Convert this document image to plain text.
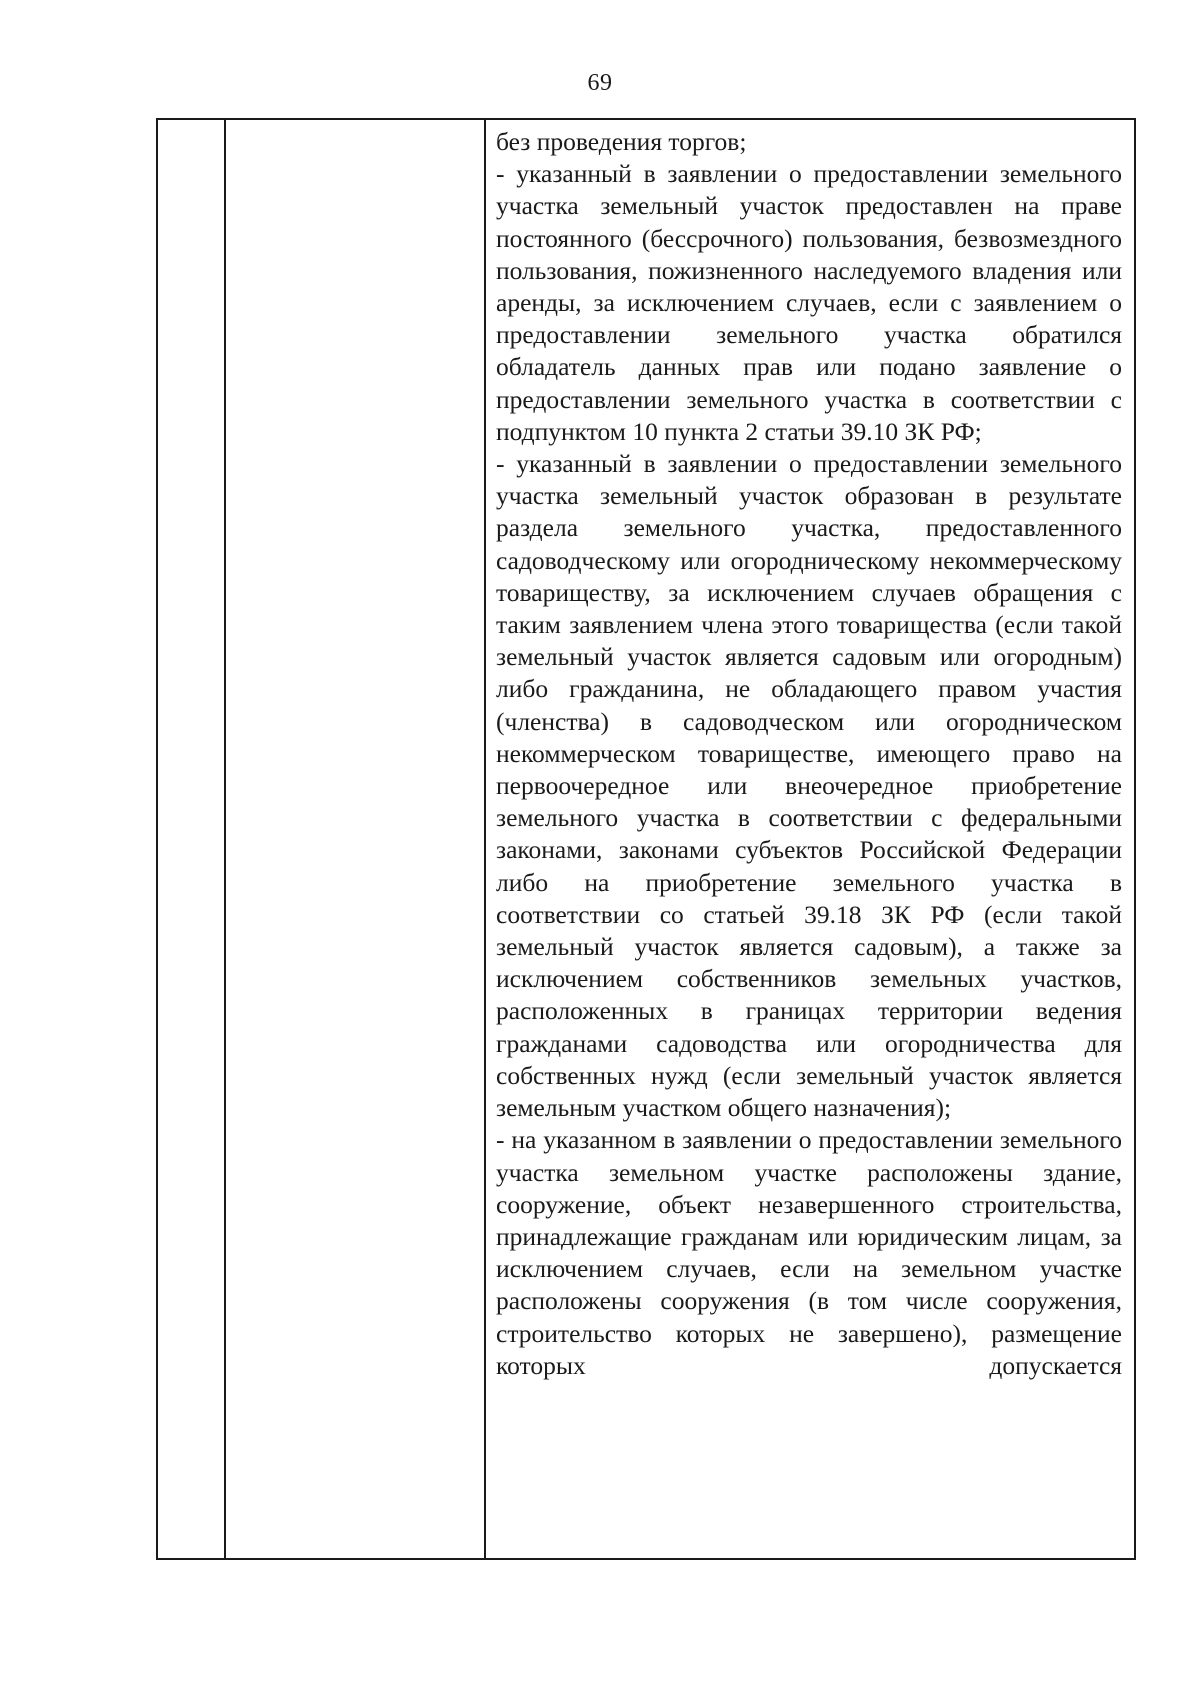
69

без проведения торгов;

- указанный в заявлении о предоставлении земельного участка земельный участок предоставлен на праве постоянного (бессрочного) пользования, безвозмездного пользования, пожизненного наследуемого владения или аренды, за исключением случаев, если с заявлением о предоставлении земельного участка обратился обладатель данных прав или подано заявление о предоставлении земельного участка в соответствии с подпунктом 10 пункта 2 статьи 39.10 ЗК РФ;

- указанный в заявлении о предоставлении земельного участка земельный участок образован в результате раздела земельного участка, предоставленного садоводческому или огородническому некоммерческому товариществу, за исключением случаев обращения с таким заявлением члена этого товарищества (если такой земельный участок является садовым или огородным) либо гражданина, не обладающего правом участия (членства) в садоводческом или огородническом некоммерческом товариществе, имеющего право на первоочередное или внеочередное приобретение земельного участка в соответствии с федеральными законами, законами субъектов Российской Федерации либо на приобретение земельного участка в соответствии со статьей 39.18 ЗК РФ (если такой земельный участок является садовым), а также за исключением собственников земельных участков, расположенных в границах территории ведения гражданами садоводства или огородничества для собственных нужд (если земельный участок является земельным участком общего назначения);

- на указанном в заявлении о предоставлении земельного участка земельном участке расположены здание, сооружение, объект незавершенного строительства, принадлежащие гражданам или юридическим лицам, за исключением случаев, если на земельном участке расположены сооружения (в том числе сооружения, строительство которых не завершено), размещение которых допускается
